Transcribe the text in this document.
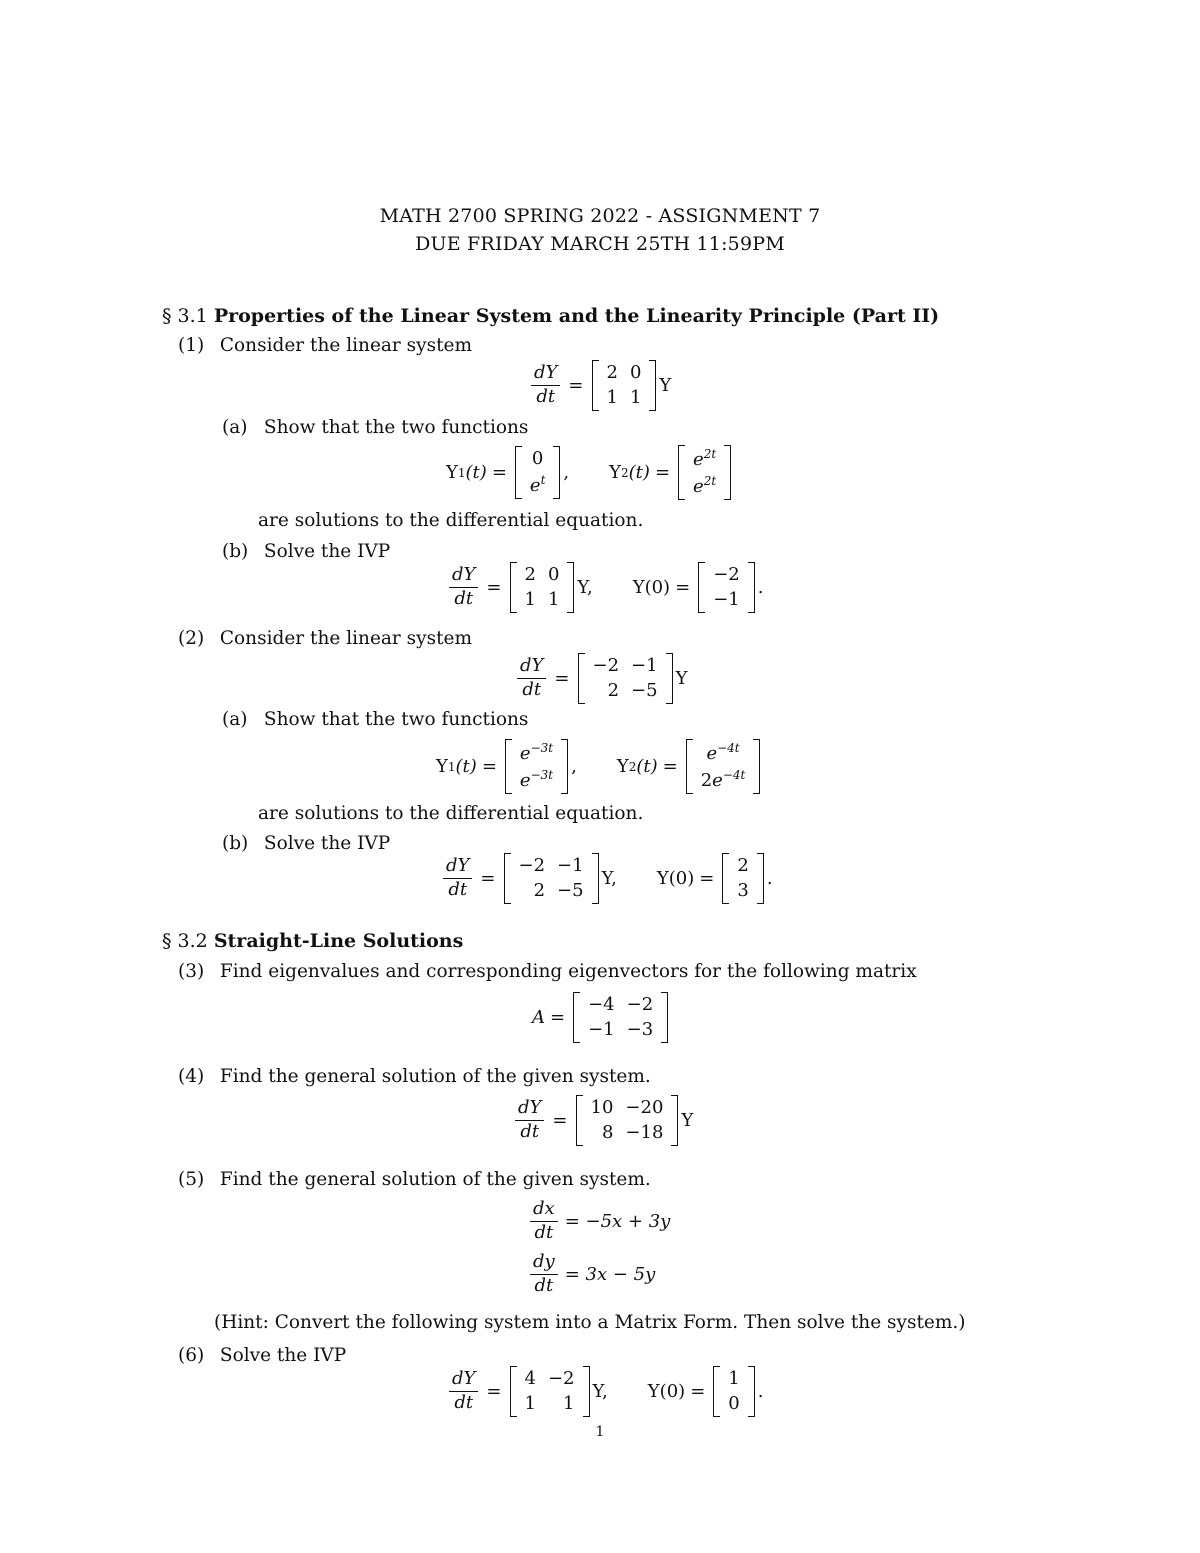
MATH 2700 SPRING 2022 - ASSIGNMENT 7
DUE FRIDAY MARCH 25TH 11:59PM
§ 3.1 Properties of the Linear System and the Linearity Principle (Part II)
(1) Consider the linear system
$\frac{dY}{dt}$ =
2	0
1	1
Y
(a) Show that the two functions
Y 1 (t) =
0
$e^t$ , Y 2 (t) =
$e^{2t}$
$e^{2t}$
are solutions to the differential equation.
(b) Solve the IVP
$\frac{dY}{dt}$ =
2	0
1	1
Y, Y(0) =
−2
−1
.
(2) Consider the linear system
$\frac{dY}{dt}$ =
−2	−1
2	−5
Y
(a) Show that the two functions
Y 1 (t) =
$e^{-3t}$
$e^{-3t}$ , Y 2 (t) =
$e^{-4t}$
$2e^{-4t}$
are solutions to the differential equation.
(b) Solve the IVP
$\frac{dY}{dt}$ =
−2	−1
2	−5
Y, Y(0) =
2
3
.
§ 3.2 Straight-Line Solutions
(3) Find eigenvalues and corresponding eigenvectors for the following matrix
A =
−4	−2
−1	−3
(4) Find the general solution of the given system.
$\frac{dY}{dt}$ =
10	−20
8	−18
Y
(5) Find the general solution of the given system.
$\frac{dx}{dt} = -5x + 3y$
$\frac{dy}{dt} = 3x - 5y$
(Hint: Convert the following system into a Matrix Form. Then solve the system.)
(6) Solve the IVP
$\frac{dY}{dt}$ =
4	−2
1	1
Y, Y(0) =
1
0
.
1
